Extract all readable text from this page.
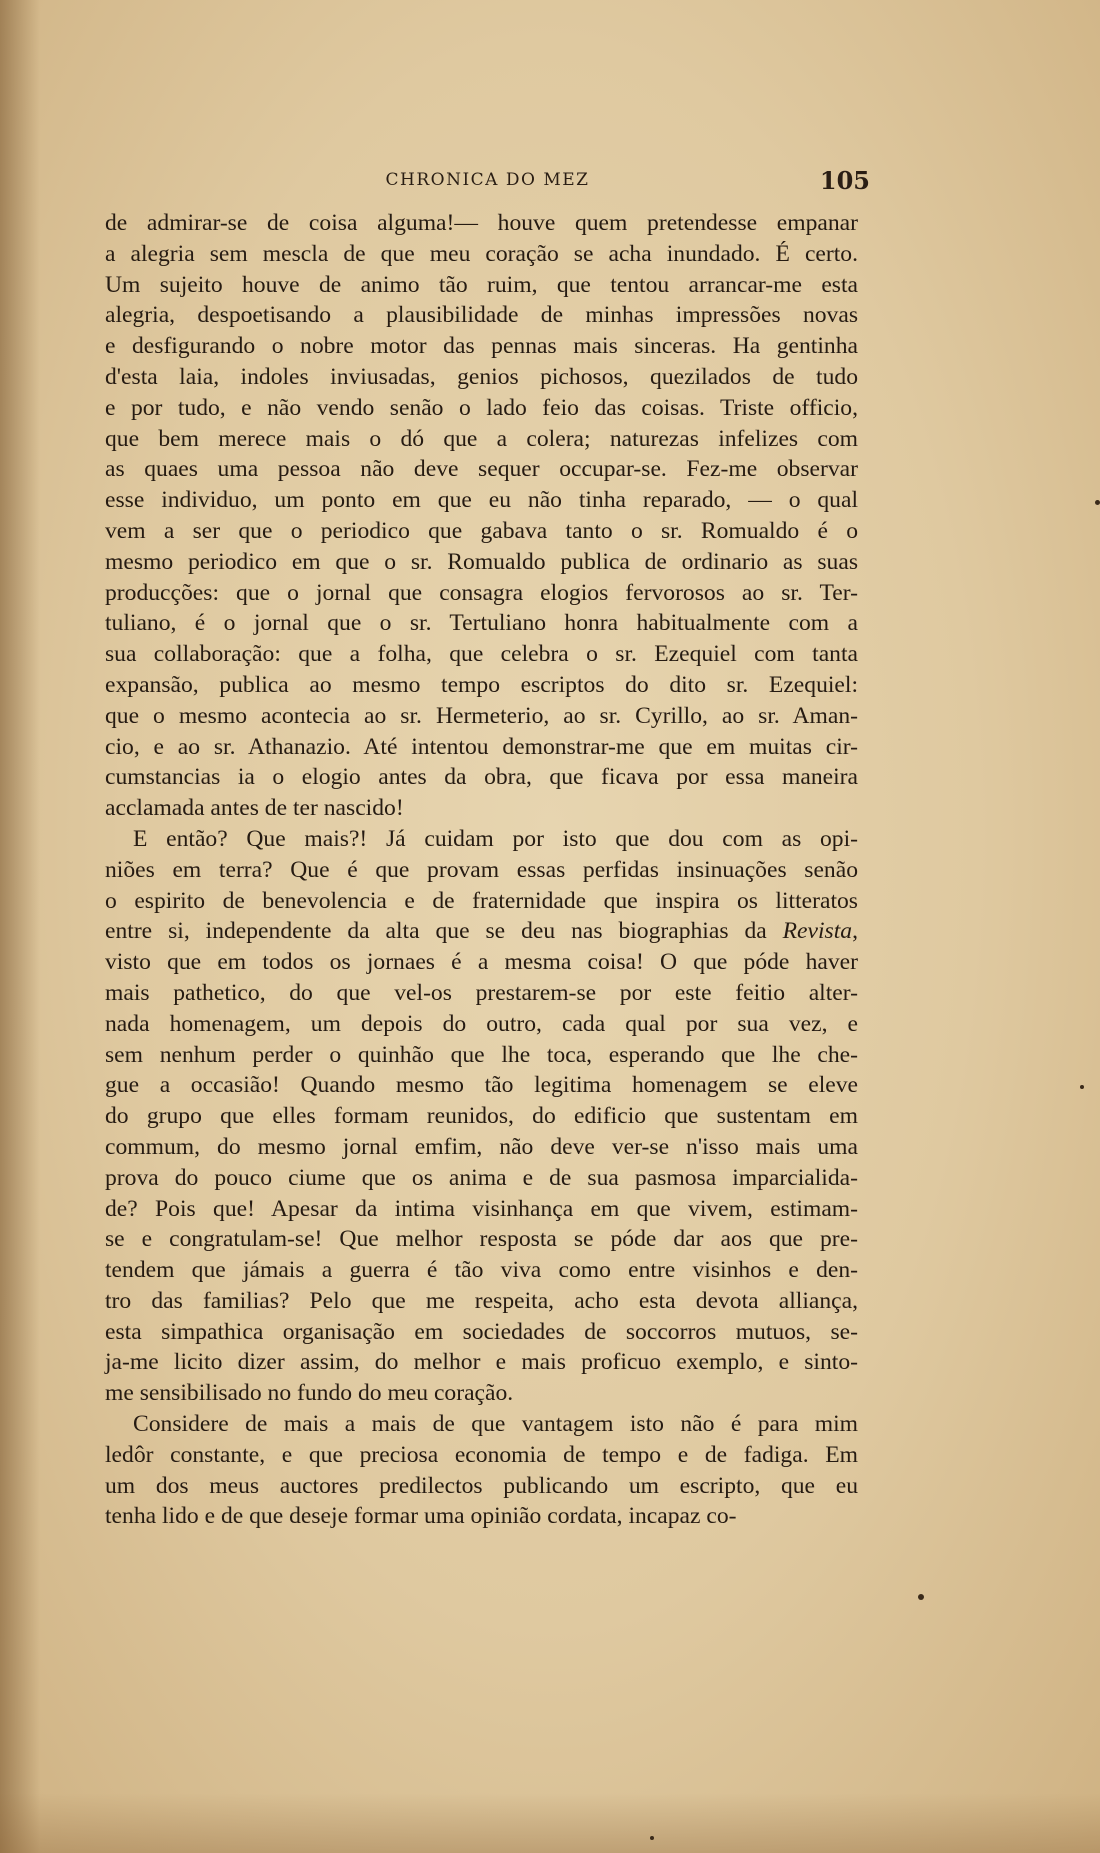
CHRONICA DO MEZ	105
de admirar-se de coisa alguma!— houve quem pretendesse empanar
a alegria sem mescla de que meu coração se acha inundado. É certo.
Um sujeito houve de animo tão ruim, que tentou arrancar-me esta
alegria, despoetisando a plausibilidade de minhas impressões novas
e desfigurando o nobre motor das pennas mais sinceras. Ha gentinha
d'esta laia, indoles inviusadas, genios pichosos, quezilados de tudo
e por tudo, e não vendo senão o lado feio das coisas. Triste officio,
que bem merece mais o dó que a colera; naturezas infelizes com
as quaes uma pessoa não deve sequer occupar-se. Fez-me observar
esse individuo, um ponto em que eu não tinha reparado, — o qual
vem a ser que o periodico que gabava tanto o sr. Romualdo é o
mesmo periodico em que o sr. Romualdo publica de ordinario as suas
producções: que o jornal que consagra elogios fervorosos ao sr. Ter-
tuliano, é o jornal que o sr. Tertuliano honra habitualmente com a
sua collaboração: que a folha, que celebra o sr. Ezequiel com tanta
expansão, publica ao mesmo tempo escriptos do dito sr. Ezequiel:
que o mesmo acontecia ao sr. Hermeterio, ao sr. Cyrillo, ao sr. Aman-
cio, e ao sr. Athanazio. Até intentou demonstrar-me que em muitas cir-
cumstancias ia o elogio antes da obra, que ficava por essa maneira
acclamada antes de ter nascido!
E então? Que mais?! Já cuidam por isto que dou com as opi-
niões em terra? Que é que provam essas perfidas insinuações senão
o espirito de benevolencia e de fraternidade que inspira os litteratos
entre si, independente da alta que se deu nas biographias da Revista,
visto que em todos os jornaes é a mesma coisa! O que póde haver
mais pathetico, do que vel-os prestarem-se por este feitio alter-
nada homenagem, um depois do outro, cada qual por sua vez, e
sem nenhum perder o quinhão que lhe toca, esperando que lhe che-
gue a occasião! Quando mesmo tão legitima homenagem se eleve
do grupo que elles formam reunidos, do edificio que sustentam em
commum, do mesmo jornal emfim, não deve ver-se n'isso mais uma
prova do pouco ciume que os anima e de sua pasmosa imparcialida-
de? Pois que! Apesar da intima visinhança em que vivem, estimam-
se e congratulam-se! Que melhor resposta se póde dar aos que pre-
tendem que jámais a guerra é tão viva como entre visinhos e den-
tro das familias? Pelo que me respeita, acho esta devota alliança,
esta simpathica organisação em sociedades de soccorros mutuos, se-
ja-me licito dizer assim, do melhor e mais proficuo exemplo, e sinto-
me sensibilisado no fundo do meu coração.
Considere de mais a mais de que vantagem isto não é para mim
ledôr constante, e que preciosa economia de tempo e de fadiga. Em
um dos meus auctores predilectos publicando um escripto, que eu
tenha lido e de que deseje formar uma opinião cordata, incapaz co-
